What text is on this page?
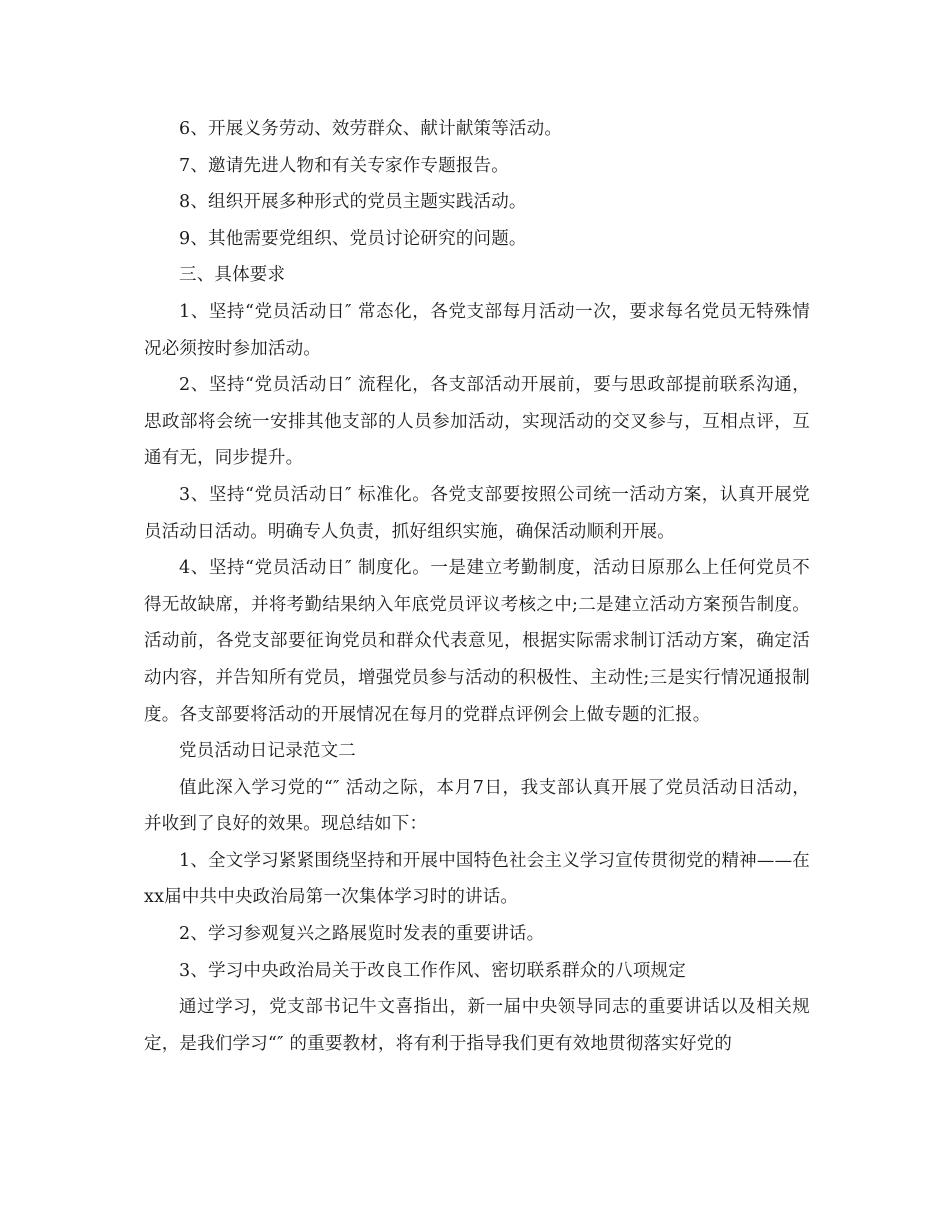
6、开展义务劳动、效劳群众、献计献策等活动。

7、邀请先进人物和有关专家作专题报告。

8、组织开展多种形式的党员主题实践活动。

9、其他需要党组织、党员讨论研究的问题。

三、具体要求

1、坚持“党员活动日″ 常态化，各党支部每月活动一次，要求每名党员无特殊情况必须按时参加活动。

2、坚持“党员活动日″ 流程化，各支部活动开展前，要与思政部提前联系沟通，思政部将会统一安排其他支部的人员参加活动，实现活动的交叉参与，互相点评，互通有无，同步提升。

3、坚持“党员活动日″ 标准化。各党支部要按照公司统一活动方案，认真开展党员活动日活动。明确专人负责，抓好组织实施，确保活动顺利开展。

4、坚持“党员活动日″ 制度化。一是建立考勤制度，活动日原那么上任何党员不得无故缺席，并将考勤结果纳入年底党员评议考核之中;二是建立活动方案预告制度。活动前，各党支部要征询党员和群众代表意见，根据实际需求制订活动方案，确定活动内容，并告知所有党员，增强党员参与活动的积极性、主动性;三是实行情况通报制度。各支部要将活动的开展情况在每月的党群点评例会上做专题的汇报。

党员活动日记录范文二

值此深入学习党的“″ 活动之际，本月7日，我支部认真开展了党员活动日活动，并收到了良好的效果。现总结如下：

1、全文学习紧紧围绕坚持和开展中国特色社会主义学习宣传贯彻党的精神——在xx届中共中央政治局第一次集体学习时的讲话。

2、学习参观复兴之路展览时发表的重要讲话。

3、学习中央政治局关于改良工作作风、密切联系群众的八项规定

通过学习，党支部书记牛文喜指出，新一届中央领导同志的重要讲话以及相关规定，是我们学习“″ 的重要教材，将有利于指导我们更有效地贯彻落实好党的
